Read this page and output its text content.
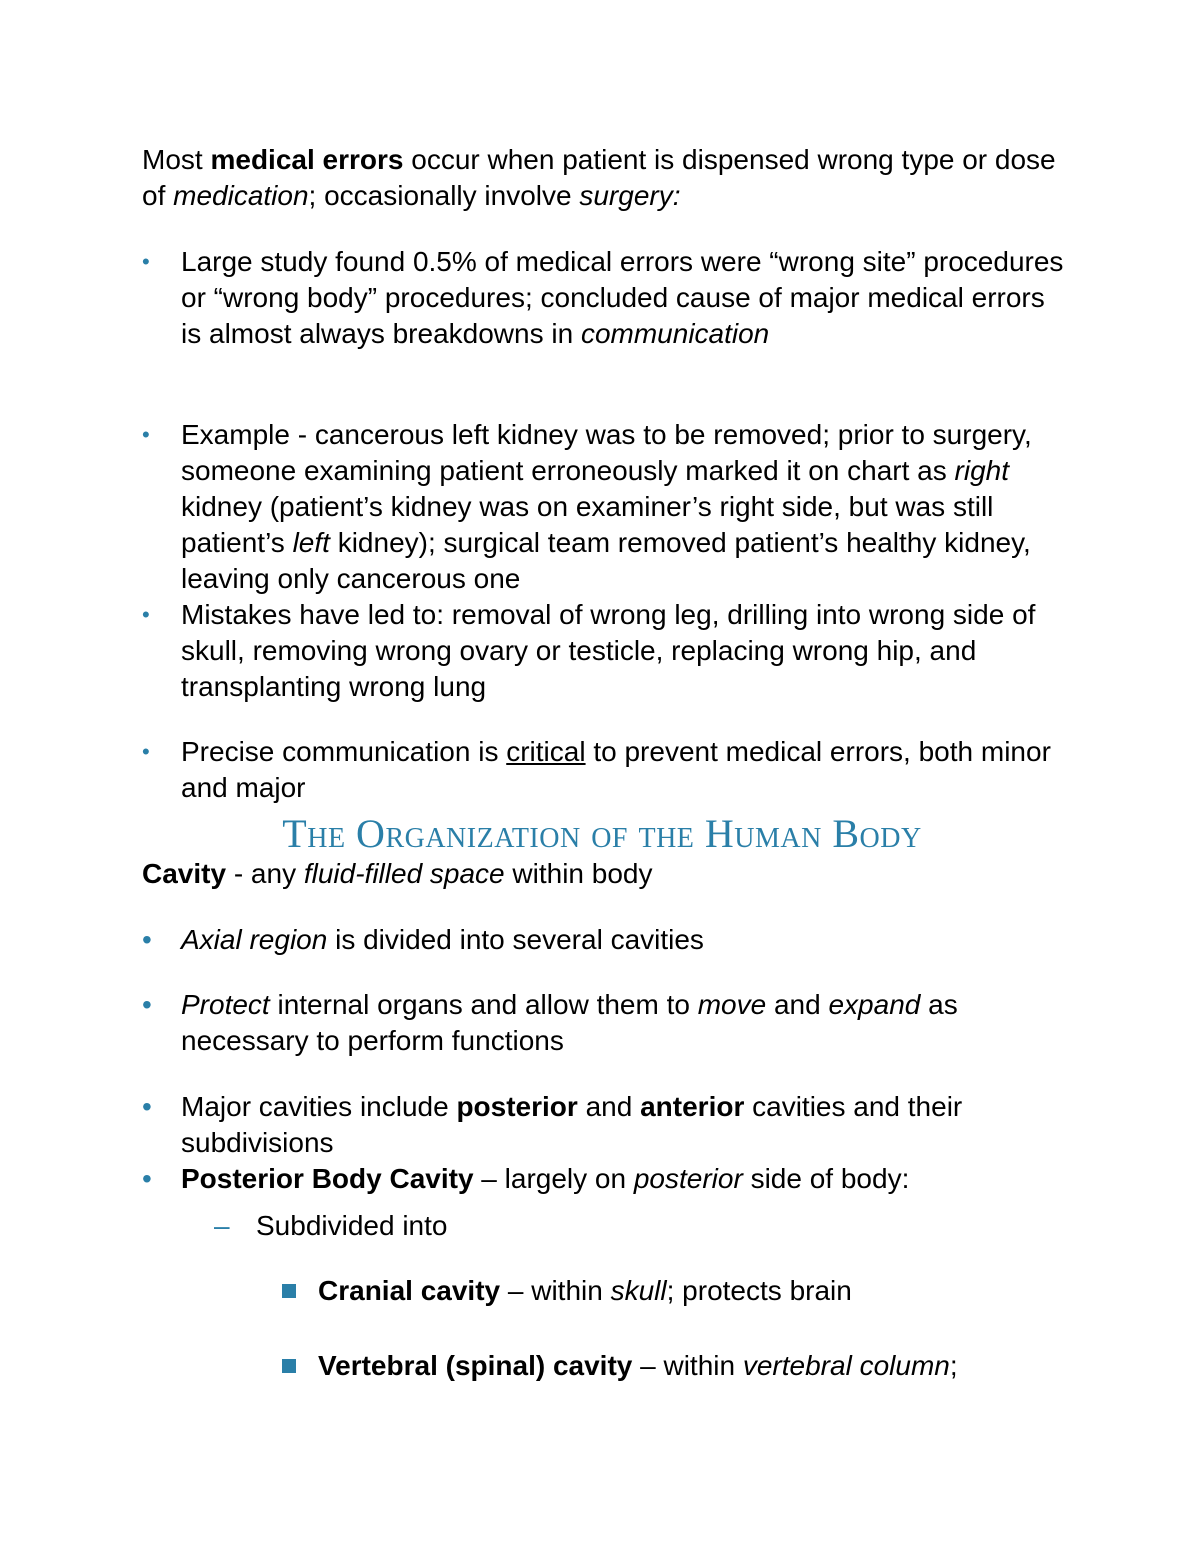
Most medical errors occur when patient is dispensed wrong type or dose of medication; occasionally involve surgery:

•	Large study found 0.5% of medical errors were “wrong site” procedures or “wrong body” procedures; concluded cause of major medical errors is almost always breakdowns in communication
•	Example - cancerous left kidney was to be removed; prior to surgery, someone examining patient erroneously marked it on chart as right kidney (patient’s kidney was on examiner’s right side, but was still patient’s left kidney); surgical team removed patient’s healthy kidney, leaving only cancerous one
•	Mistakes have led to: removal of wrong leg, drilling into wrong side of skull, removing wrong ovary or testicle, replacing wrong hip, and transplanting wrong lung
•	Precise communication is critical to prevent medical errors, both minor and major
The Organization of the Human Body

Cavity - any fluid-filled space within body

•	Axial region is divided into several cavities
•	Protect internal organs and allow them to move and expand as necessary to perform functions
•	Major cavities include posterior and anterior cavities and their subdivisions
•	Posterior Body Cavity – largely on posterior side of body:
– Subdivided into
Cranial cavity – within skull; protects brain
Vertebral (spinal) cavity – within vertebral column;
